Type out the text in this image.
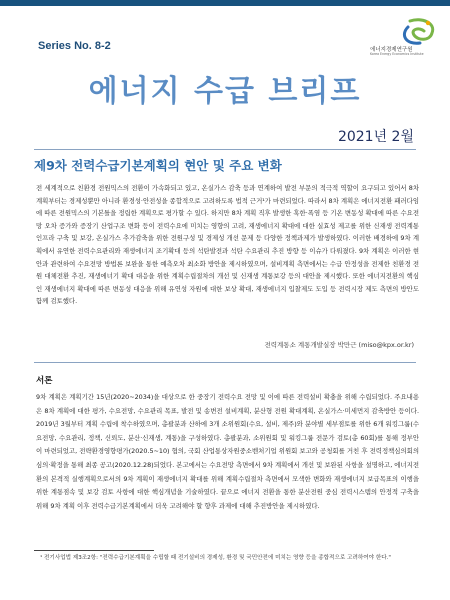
Series No. 8-2	에너지경제연구원
Korea Energy Economics Institute
에너지 수급 브리프
2021년 2월
제9차 전력수급기본계획의 현안 및 주요 변화
전 세계적으로 친환경 전원믹스의 전환이 가속화되고 있고, 온실가스 감축 등과 연계하여 발전 부문의 적극적 역할이 요구되고 있어서 8차 계획부터는 경제성뿐만 아니라 환경성·안전성을 종합적으로 고려하도록 법적 근거¹가 마련되었다. 따라서 8차 계획은 에너지전환 패러다임에 따른 전원믹스의 기본틀을 정립한 계획으로 평가할 수 있다. 하지만 8차 계획 직후 발생한 혹한·폭염 등 기온 변동성 확대에 따른 수요전망 오차 증가와 증장기 산업구조 변화 등이 전력수요에 미치는 영향의 고려, 재생에너지 확대에 대한 실효성 제고를 위한 신재생 전력계통 인프라 구축 및 보강, 온실가스 추가감축을 위한 전원구성 및 경제성 개선 문제 등 다양한 정책과제가 발생하였다. 이러한 배경하에 9차 계획에서 유연한 전력수요관리와 재생에너지 조기확대 등의 석탄발전과 석탄 수요관리 추진 방향 등 이슈가 다뤄졌다. 9차 계획은 이러한 현안과 관련하여 수요전망 방법론 보완을 통한 예측오차 최소화 방안을 제시하였으며, 설비계획 측면에서는 수급 안정성을 전제한 친환경 전원 대체전환 추진, 재생에너기 확대 대응을 위한 계획수립절차의 개선 및 신재생 계통보강 등의 대안을 제시했다. 또한 에너지전환의 핵심인 재생에너지 확대에 따른 변동성 대응을 위해 유연성 자원에 대한 보상 확대, 재생에너지 입찰제도 도입 등 전력시장 제도 측면의 방안도 함께 검토했다.
전력계통소 계통개발실장 박만근 (miso@kpx.or.kr)
서론
9차 계획은 계획기간 15년(2020∼2034)을 대상으로 한 중장기 전력수요 전망 및 이에 따른 전력설비 확충을 위해 수립되었다. 주요내용은 8차 계획에 대한 평가, 수요전망, 수요관리 목표, 발전 및 송변전 설비계획, 분산형 전원 확대계획, 온실가스·미세먼지 감축방안 등이다. 2019년 3월부터 계획 수립에 착수하였으며, 총괄분과 산하에 3개 소위원회(수요, 설비, 제주)와 분야별 세부점토를 위한 6개 워킹그룹(수요전망, 수요관리, 정책, 신뢰도, 분산·신재생, 계통)을 구성하였다. 총괄분과, 소위원회 및 워킹그룹 전문가 검토(총 60회)를 통해 정부안이 마련되었고, 전략환경영향평가(2020.5∼10) 협의, 국회 산업통상자원중소벤처기업 위원회 보고와 공청회를 거친 후 전력정책심의회의 심의·확정을 통해 최종 공고(2020.12.28)되었다. 본고에서는 수요전망 측면에서 9차 계획에서 개선 및 보완된 사항을 설명하고, 에너지전환의 본격적 실행계획으로서의 9차 계획이 재생에너지 확대를 위해 계획수립절차 측면에서 모색한 변화와 재생에너지 보급목표의 이행을 위한 계통점속 및 보강 검토 사항에 대한 핵심개념을 기술하였다. 끝으로 에너지 전환을 통한 분산전원 중심 전력시스템의 안정적 구축을 위해 9차 계획 이후 전력수급기본계획에서 더욱 고려해야 할 향후 과제에 대해 추진방안을 제시하였다.
¹ 전기사업법 제3조2항: "전력수급기본계획을 수립할 때 전기설비의 경제성, 환경 및 국민안전에 미치는 영향 등을 종합적으로 고려하여야 한다."
